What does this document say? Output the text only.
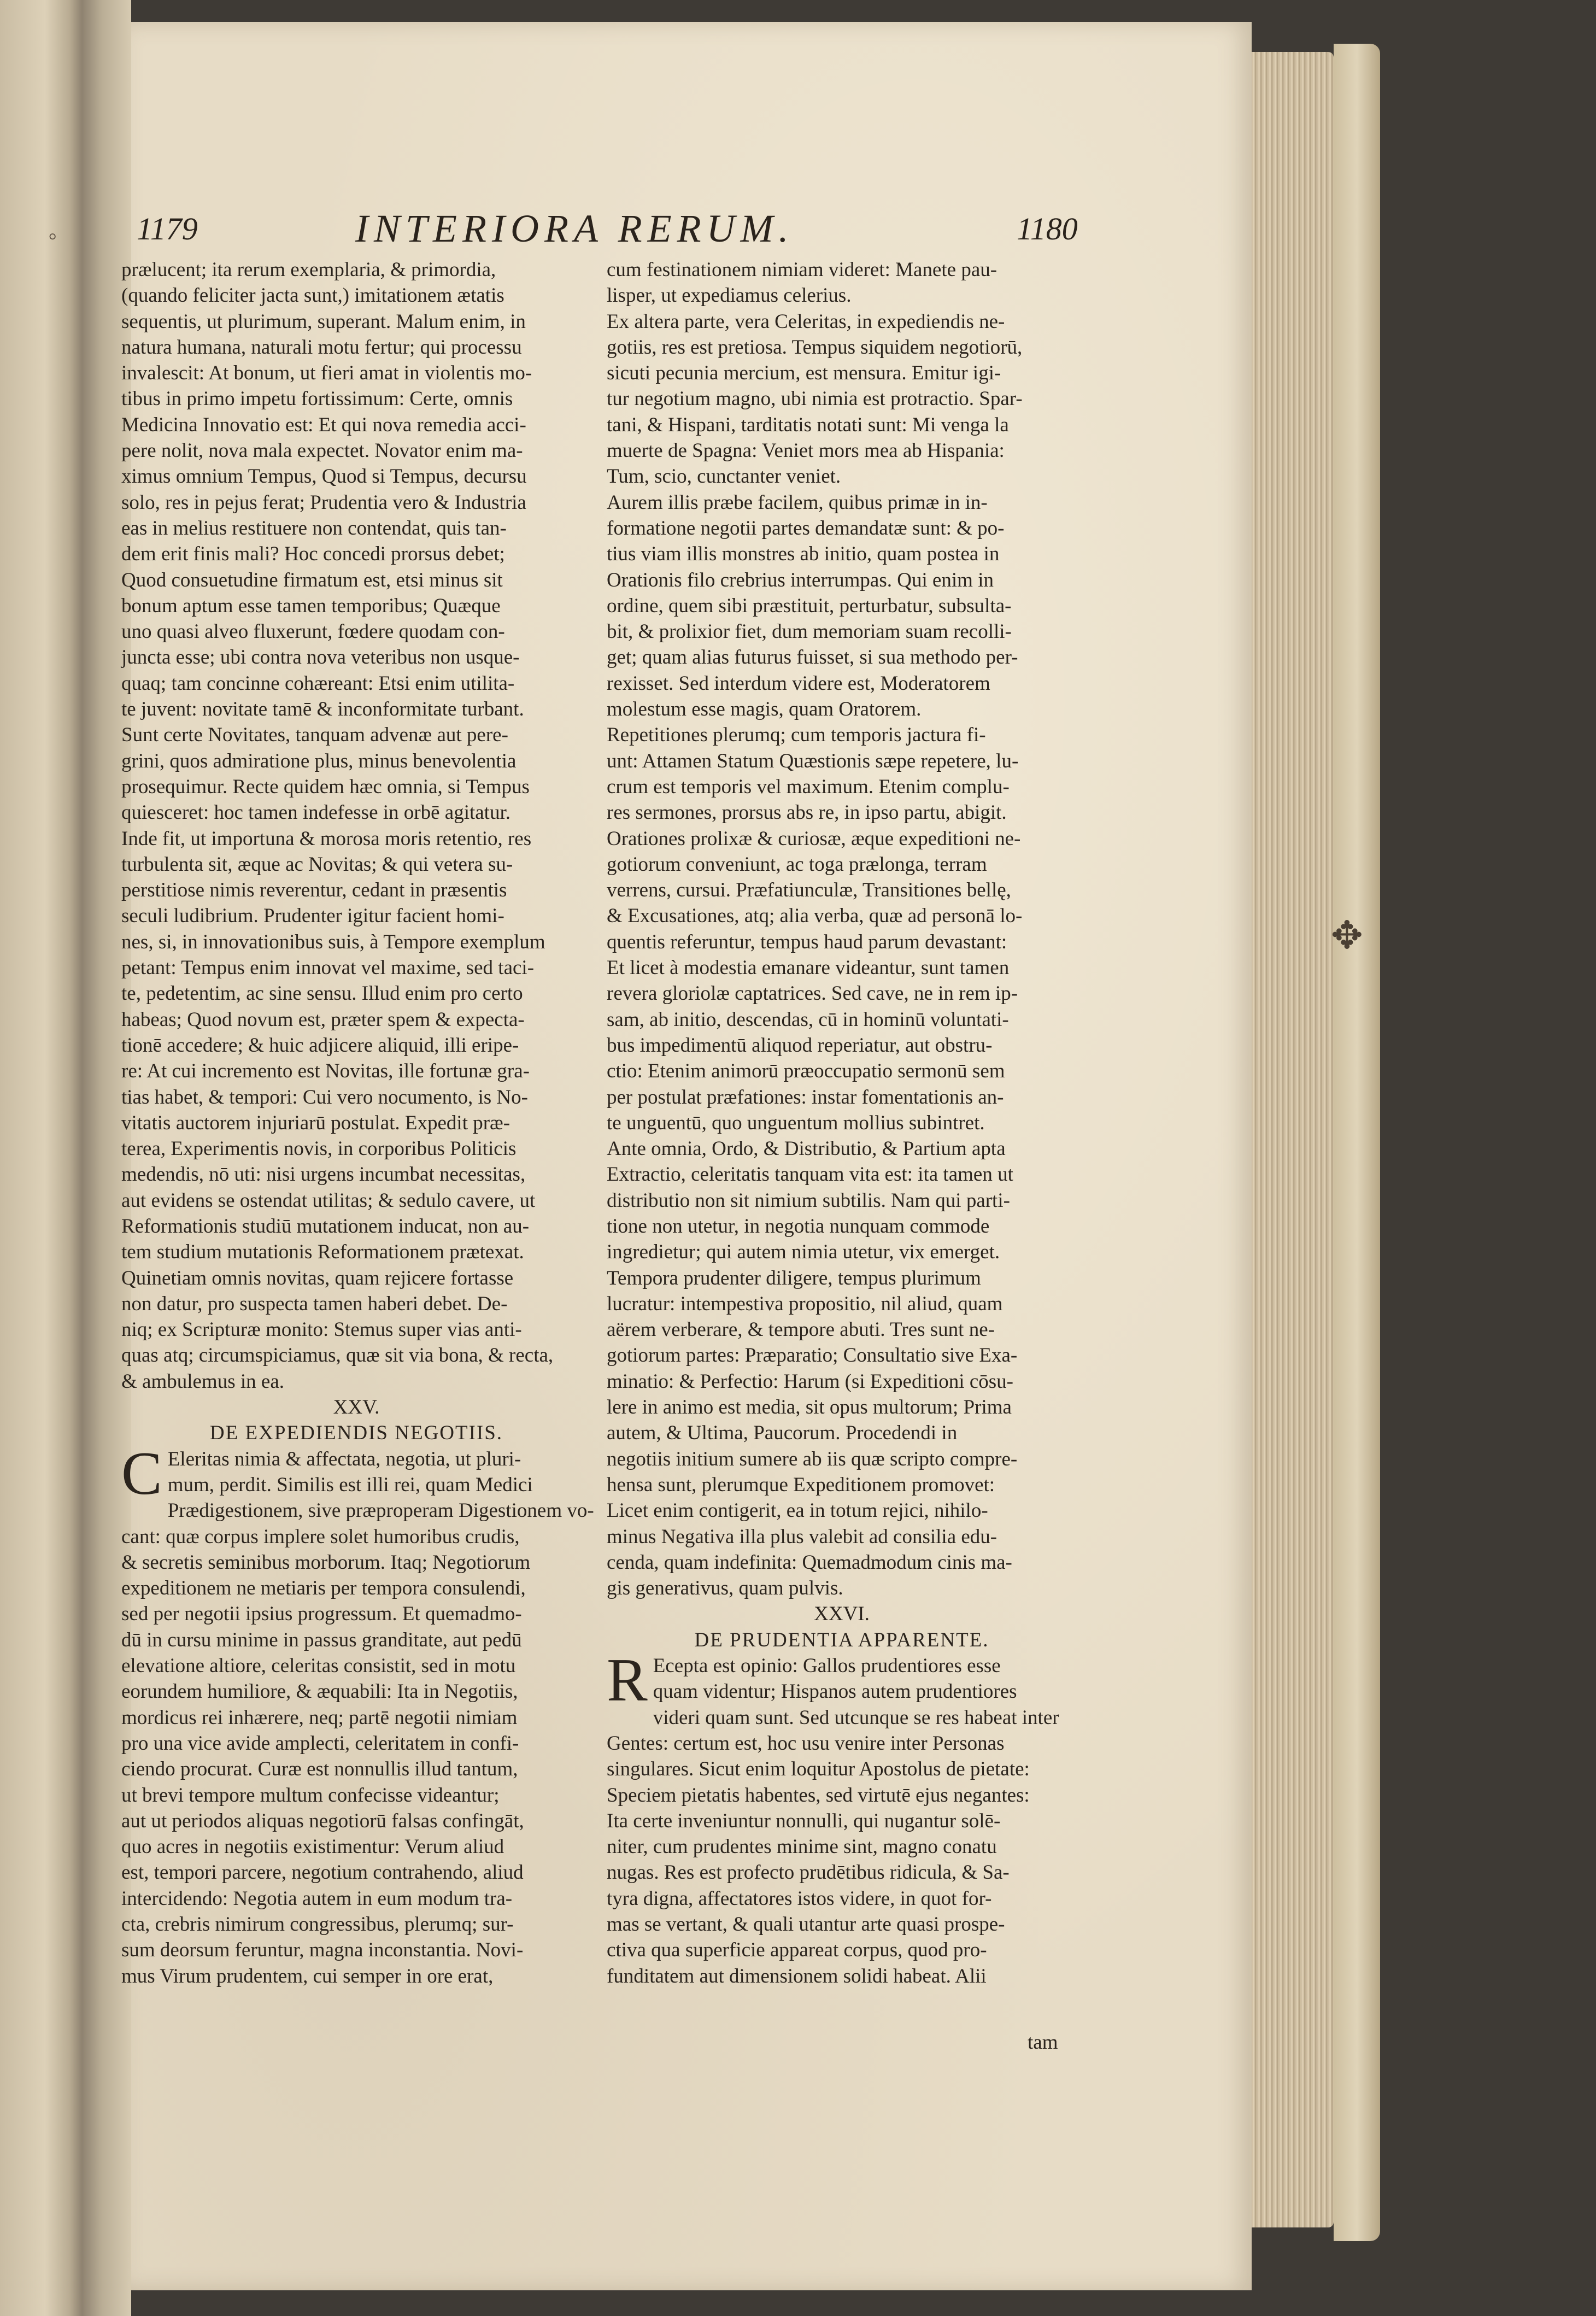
◦
✥
1179	INTERIORA RERUM.	1180

prælucent; ita rerum exemplaria, & primordia,

(quando feliciter jacta sunt,) imitationem ætatis

sequentis, ut plurimum, superant. Malum enim, in

natura humana, naturali motu fertur; qui processu

invalescit: At bonum, ut fieri amat in violentis mo-

tibus in primo impetu fortissimum: Certe, omnis

Medicina Innovatio est: Et qui nova remedia acci-

pere nolit, nova mala expectet. Novator enim ma-

ximus omnium Tempus, Quod si Tempus, decursu

solo, res in pejus ferat; Prudentia vero & Industria

eas in melius restituere non contendat, quis tan-

dem erit finis mali? Hoc concedi prorsus debet;

Quod consuetudine firmatum est, etsi minus sit

bonum aptum esse tamen temporibus; Quæque

uno quasi alveo fluxerunt, fœdere quodam con-

juncta esse; ubi contra nova veteribus non usque-

quaq; tam concinne cohæreant: Etsi enim utilita-

te juvent: novitate tamē & inconformitate turbant.

Sunt certe Novitates, tanquam advenæ aut pere-

grini, quos admiratione plus, minus benevolentia

prosequimur. Recte quidem hæc omnia, si Tempus

quiesceret: hoc tamen indefesse in orbē agitatur.

Inde fit, ut importuna & morosa moris retentio, res

turbulenta sit, æque ac Novitas; & qui vetera su-

perstitiose nimis reverentur, cedant in præsentis

seculi ludibrium. Prudenter igitur facient homi-

nes, si, in innovationibus suis, à Tempore exemplum

petant: Tempus enim innovat vel maxime, sed taci-

te, pedetentim, ac sine sensu. Illud enim pro certo

habeas; Quod novum est, præter spem & expecta-

tionē accedere; & huic adjicere aliquid, illi eripe-

re: At cui incremento est Novitas, ille fortunæ gra-

tias habet, & tempori: Cui vero nocumento, is No-

vitatis auctorem injuriarū postulat. Expedit præ-

terea, Experimentis novis, in corporibus Politicis

medendis, nō uti: nisi urgens incumbat necessitas,

aut evidens se ostendat utilitas; & sedulo cavere, ut

Reformationis studiū mutationem inducat, non au-

tem studium mutationis Reformationem prætexat.

Quinetiam omnis novitas, quam rejicere fortasse

non datur, pro suspecta tamen haberi debet. De-

niq; ex Scripturæ monito: Stemus super vias anti-

quas atq; circumspiciamus, quæ sit via bona, & recta,

& ambulemus in ea.

XXV.

DE EXPEDIENDIS NEGOTIIS.

C Eleritas nimia & affectata, negotia, ut pluri-

mum, perdit. Similis est illi rei, quam Medici

Prædigestionem, sive præproperam Digestionem vo-

cant: quæ corpus implere solet humoribus crudis,

& secretis seminibus morborum. Itaq; Negotiorum

expeditionem ne metiaris per tempora consulendi,

sed per negotii ipsius progressum. Et quemadmo-

dū in cursu minime in passus granditate, aut pedū

elevatione altiore, celeritas consistit, sed in motu

eorundem humiliore, & æquabili: Ita in Negotiis,

mordicus rei inhærere, neq; partē negotii nimiam

pro una vice avide amplecti, celeritatem in confi-

ciendo procurat. Curæ est nonnullis illud tantum,

ut brevi tempore multum confecisse videantur;

aut ut periodos aliquas negotiorū falsas confingāt,

quo acres in negotiis existimentur: Verum aliud

est, tempori parcere, negotium contrahendo, aliud

intercidendo: Negotia autem in eum modum tra-

cta, crebris nimirum congressibus, plerumq; sur-

sum deorsum feruntur, magna inconstantia. Novi-

mus Virum prudentem, cui semper in ore erat,

cum festinationem nimiam videret: Manete pau-

lisper, ut expediamus celerius.

Ex altera parte, vera Celeritas, in expediendis ne-

gotiis, res est pretiosa. Tempus siquidem negotiorū,

sicuti pecunia mercium, est mensura. Emitur igi-

tur negotium magno, ubi nimia est protractio. Spar-

tani, & Hispani, tarditatis notati sunt: Mi venga la

muerte de Spagna: Veniet mors mea ab Hispania:

Tum, scio, cunctanter veniet.

Aurem illis præbe facilem, quibus primæ in in-

formatione negotii partes demandatæ sunt: & po-

tius viam illis monstres ab initio, quam postea in

Orationis filo crebrius interrumpas. Qui enim in

ordine, quem sibi præstituit, perturbatur, subsulta-

bit, & prolixior fiet, dum memoriam suam recolli-

get; quam alias futurus fuisset, si sua methodo per-

rexisset. Sed interdum videre est, Moderatorem

molestum esse magis, quam Oratorem.

Repetitiones plerumq; cum temporis jactura fi-

unt: Attamen Statum Quæstionis sæpe repetere, lu-

crum est temporis vel maximum. Etenim complu-

res sermones, prorsus abs re, in ipso partu, abigit.

Orationes prolixæ & curiosæ, æque expeditioni ne-

gotiorum conveniunt, ac toga prælonga, terram

verrens, cursui. Præfatiunculæ, Transitiones bellę,

& Excusationes, atq; alia verba, quæ ad personā lo-

quentis referuntur, tempus haud parum devastant:

Et licet à modestia emanare videantur, sunt tamen

revera gloriolæ captatrices. Sed cave, ne in rem ip-

sam, ab initio, descendas, cū in hominū voluntati-

bus impedimentū aliquod reperiatur, aut obstru-

ctio: Etenim animorū præoccupatio sermonū sem

per postulat præfationes: instar fomentationis an-

te unguentū, quo unguentum mollius subintret.

Ante omnia, Ordo, & Distributio, & Partium apta

Extractio, celeritatis tanquam vita est: ita tamen ut

distributio non sit nimium subtilis. Nam qui parti-

tione non utetur, in negotia nunquam commode

ingredietur; qui autem nimia utetur, vix emerget.

Tempora prudenter diligere, tempus plurimum

lucratur: intempestiva propositio, nil aliud, quam

aërem verberare, & tempore abuti. Tres sunt ne-

gotiorum partes: Præparatio; Consultatio sive Exa-

minatio: & Perfectio: Harum (si Expeditioni cōsu-

lere in animo est media, sit opus multorum; Prima

autem, & Ultima, Paucorum. Procedendi in

negotiis initium sumere ab iis quæ scripto compre-

hensa sunt, plerumque Expeditionem promovet:

Licet enim contigerit, ea in totum rejici, nihilo-

minus Negativa illa plus valebit ad consilia edu-

cenda, quam indefinita: Quemadmodum cinis ma-

gis generativus, quam pulvis.

XXVI.

DE PRUDENTIA APPARENTE.

R Ecepta est opinio: Gallos prudentiores esse

quam videntur; Hispanos autem prudentiores

videri quam sunt. Sed utcunque se res habeat inter

Gentes: certum est, hoc usu venire inter Personas

singulares. Sicut enim loquitur Apostolus de pietate:

Speciem pietatis habentes, sed virtutē ejus negantes:

Ita certe inveniuntur nonnulli, qui nugantur solē-

niter, cum prudentes minime sint, magno conatu

nugas. Res est profecto prudētibus ridicula, & Sa-

tyra digna, affectatores istos videre, in quot for-

mas se vertant, & quali utantur arte quasi prospe-

ctiva qua superficie appareat corpus, quod pro-

funditatem aut dimensionem solidi habeat. Alii

tam
